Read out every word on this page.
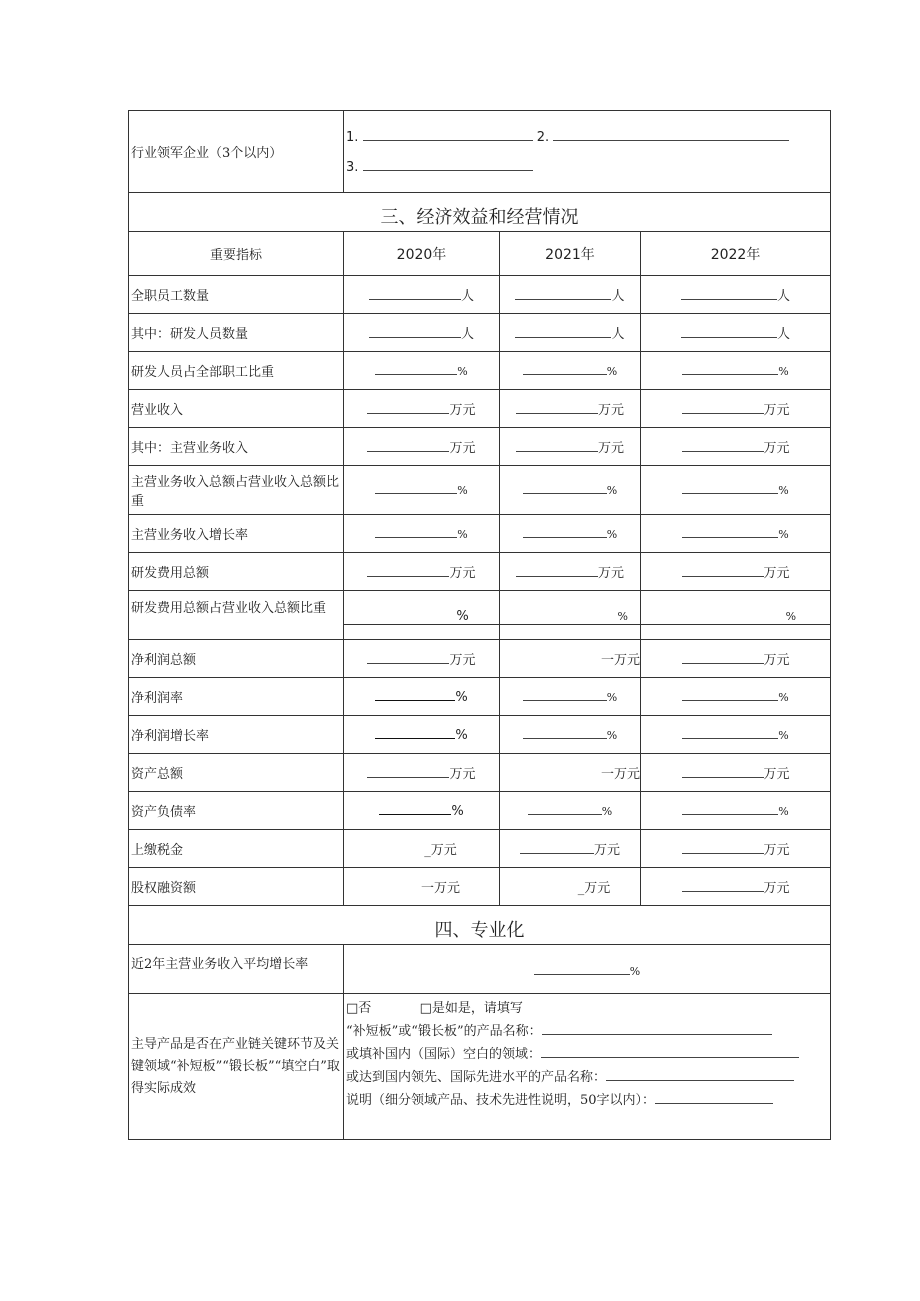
行业领军企业（3个以内）	1. 2.
3.		

三、经济效益和经营情况			
重要指标	2020年	2021年	2022年
全职员工数量	人	人	人
其中：研发人员数量	人	人	人
研发人员占全部职工比重	%	%	%
营业收入	万元	万元	万元
其中：主营业务收入	万元	万元	万元
主营业务收入总额占营业收入总额比重	%	%	%
主营业务收入增长率	%	%	%
研发费用总额	万元	万元	万元
研发费用总额占营业收入总额比重	%	%	%

净利润总额	万元	一万元	万元
净利润率	%	%	%
净利润增长率	%	%	%
资产总额	万元	一万元	万元
资产负债率	%	%	%
上缴税金	_万元	万元	万元
股权融资额	一万元	_万元	万元
四、专业化			
近2年主营业务收入平均增长率	%		
主导产品是否在产业链关键环节及关键领域“补短板”“锻长板”“填空白”取得实际成效	□否 □是如是，请填写
“补短板”或“锻长板”的产品名称：
或填补国内（国际）空白的领域：
或达到国内领先、国际先进水平的产品名称：
说明（细分领域产品、技术先进性说明，50字以内）：		
